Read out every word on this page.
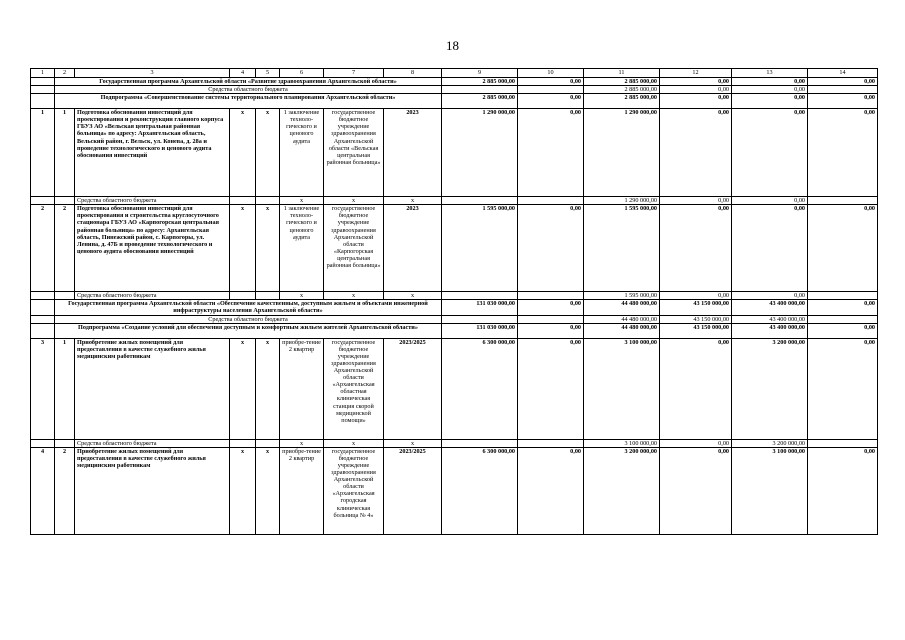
18
1	2	3	4	5	6	7	8	9	10	11	12	13	14
	Государственная программа Архангельской области «Развитие здравоохранения Архангельской области»							2 885 000,00	0,00	2 885 000,00	0,00	0,00	0,00
	Средства областного бюджета									2 885 000,00	0,00	0,00	
	Подпрограмма «Совершенствование системы территориального планирования Архангельской области»							2 885 000,00	0,00	2 885 000,00	0,00	0,00	0,00
1	1	Подготовка обоснования инвестиций для проектирования и реконструкции главного корпуса ГБУЗ АО «Вельская центральная районная больница» по адресу: Архангельская область, Вельский район, г. Вельск, ул. Конева, д. 28а и проведение технологического и ценового аудита обоснования инвестиций	х	х	1 заключение техноло-гического и ценового аудита	государственное бюджетное учреждение здравоохранения Архангельской области «Вельская центральная районная больница»	2023	1 290 000,00	0,00	1 290 000,00	0,00	0,00	0,00
		Средства областного бюджета			х	х	х			1 290 000,00	0,00	0,00	
2	2	Подготовка обоснования инвестиций для проектирования и строительства круглосуточного стационара ГБУЗ АО «Карпогорская центральная районная больница» по адресу: Архангельская область, Пинежский район, с. Карпогоры, ул. Ленина, д. 47Б и проведение технологического и ценового аудита обоснования инвестиций	х	х	1 заключение техноло-гического и ценового аудита	государственное бюджетное учреждение здравоохранения Архангельской области «Карпогорская центральная районная больница»	2023	1 595 000,00	0,00	1 595 000,00	0,00	0,00	0,00
		Средства областного бюджета			х	х	х			1 595 000,00	0,00	0,00	
	Государственная программа Архангельской области «Обеспечение качественным, доступным жильем и объектами инженерной инфраструктуры населения Архангельской области»							131 030 000,00	0,00	44 480 000,00	43 150 000,00	43 400 000,00	0,00
	Средства областного бюджета									44 480 000,00	43 150 000,00	43 400 000,00	
	Подпрограмма «Создание условий для обеспечения доступным и комфортным жильем жителей Архангельской области»							131 030 000,00	0,00	44 480 000,00	43 150 000,00	43 400 000,00	0,00
3	1	Приобретение жилых помещений для предоставления в качестве служебного жилья медицинским работникам	х	х	приобре-тение 2 квартир	государственное бюджетное учреждение здравоохранения Архангельской области «Архангельская областная клиническая станция скорой медицинской помощи»	2023/2025	6 300 000,00	0,00	3 100 000,00	0,00	3 200 000,00	0,00
		Средства областного бюджета			х	х	х			3 100 000,00	0,00	3 200 000,00	
4	2	Приобретение жилых помещений для предоставления в качестве служебного жилья медицинским работникам	х	х	приобре-тение 2 квартир	государственное бюджетное учреждение здравоохранения Архангельской области «Архангельская городская клиническая больница № 4»	2023/2025	6 300 000,00	0,00	3 200 000,00	0,00	3 100 000,00	0,00
